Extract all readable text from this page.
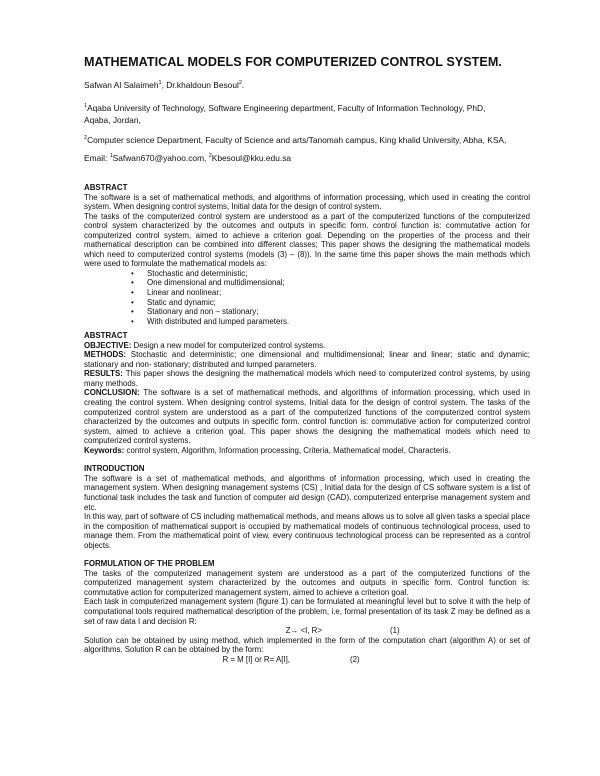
MATHEMATICAL MODELS FOR COMPUTERIZED CONTROL SYSTEM.
Safwan Al Salaimeh$^1$, Dr.khaldoun Besoul$^2$.
$^1$Aqaba University of Technology, Software Engineering department, Faculty of Information Technology, PhD,
Aqaba, Jordan,
$^2$Computer science Department, Faculty of Science and arts/Tanomah campus, King khalid University, Abha, KSA,
Email: $^1$Safwan670@yahoo.com, $^2$Kbesoul@kku.edu.sa
ABSTRACT

The software is a set of mathematical methods, and algorithms of information processing, which used in creating the control system. When designing control systems, Initial data for the design of control system.

The tasks of the computerized control system are understood as a part of the computerized functions of the computerized control system characterized by the outcomes and outputs in specific form. control function is: commutative action for computerized control system, aimed to achieve a criterion goal. Depending on the properties of the process and their mathematical description can be combined into different classes; This paper shows the designing the mathematical models which need to computerized control systems (models (3) – (8)). In the same time this paper shows the main methods which were used to formulate the mathematical models as:

• Stochastic and deterministic;
• One dimensional and multidimensional;
• Linear and nonlinear;
• Static and dynamic;
• Stationary and non – stationary;
• With distributed and lumped parameters.
ABSTRACT

OBJECTIVE: Design a new model for computerized control systems.

METHODS: Stochastic and deterministic; one dimensional and multidimensional; linear and linear; static and dynamic; stationary and non- stationary; distributed and lumped parameters.

RESULTS: This paper shows the designing the mathematical models which need to computerized control systems, by using many methods.

CONCLUSION: The software is a set of mathematical methods, and algorithms of information processing, which used in creating the control system. When designing control systems, Initial data for the design of control system. The tasks of the computerized control system are understood as a part of the computerized functions of the computerized control system characterized by the outcomes and outputs in specific form. control function is: commutative action for computerized control system, aimed to achieve a criterion goal. This paper shows the designing the mathematical models which need to computerized control systems.

Keywords: control system, Algorithm, Information processing, Criteria, Mathematical model, Characteris.

INTRODUCTION

The software is a set of mathematical methods, and algorithms of information processing, which used in creating the management system. When designing management systems (CS) , Initial data for the design of CS software system is a list of functional task includes the task and function of computer aid design (CAD), computerized enterprise management system and etc.

In this way, part of software of CS including mathematical methods, and means allows us to solve all given tasks a special place in the composition of mathematical support is occupied by mathematical models of continuous technological process, used to manage them. From the mathematical point of view, every continuous technological process can be represented as a control objects.

FORMULATION OF THE PROBLEM

The tasks of the computerized management system are understood as a part of the computerized functions of the computerized management system characterized by the outcomes and outputs in specific form. Control function is: commutative action for computerized management system, aimed to achieve a criterion goal.

Each task in computerized management system (figure 1) can be formulated at meaningful level but to solve it with the help of computational tools required mathematical description of the problem, i,e, formal presentation of its task Z may be defined as a set of raw data I and decision R:

Z→ <I, R>	(1)

Solution can be obtained by using method, which implemented in the form of the computation chart (algorithm A) or set of algorithms. Solution R can be obtained by the form:

R = M [I] or R= A[I],	(2)
